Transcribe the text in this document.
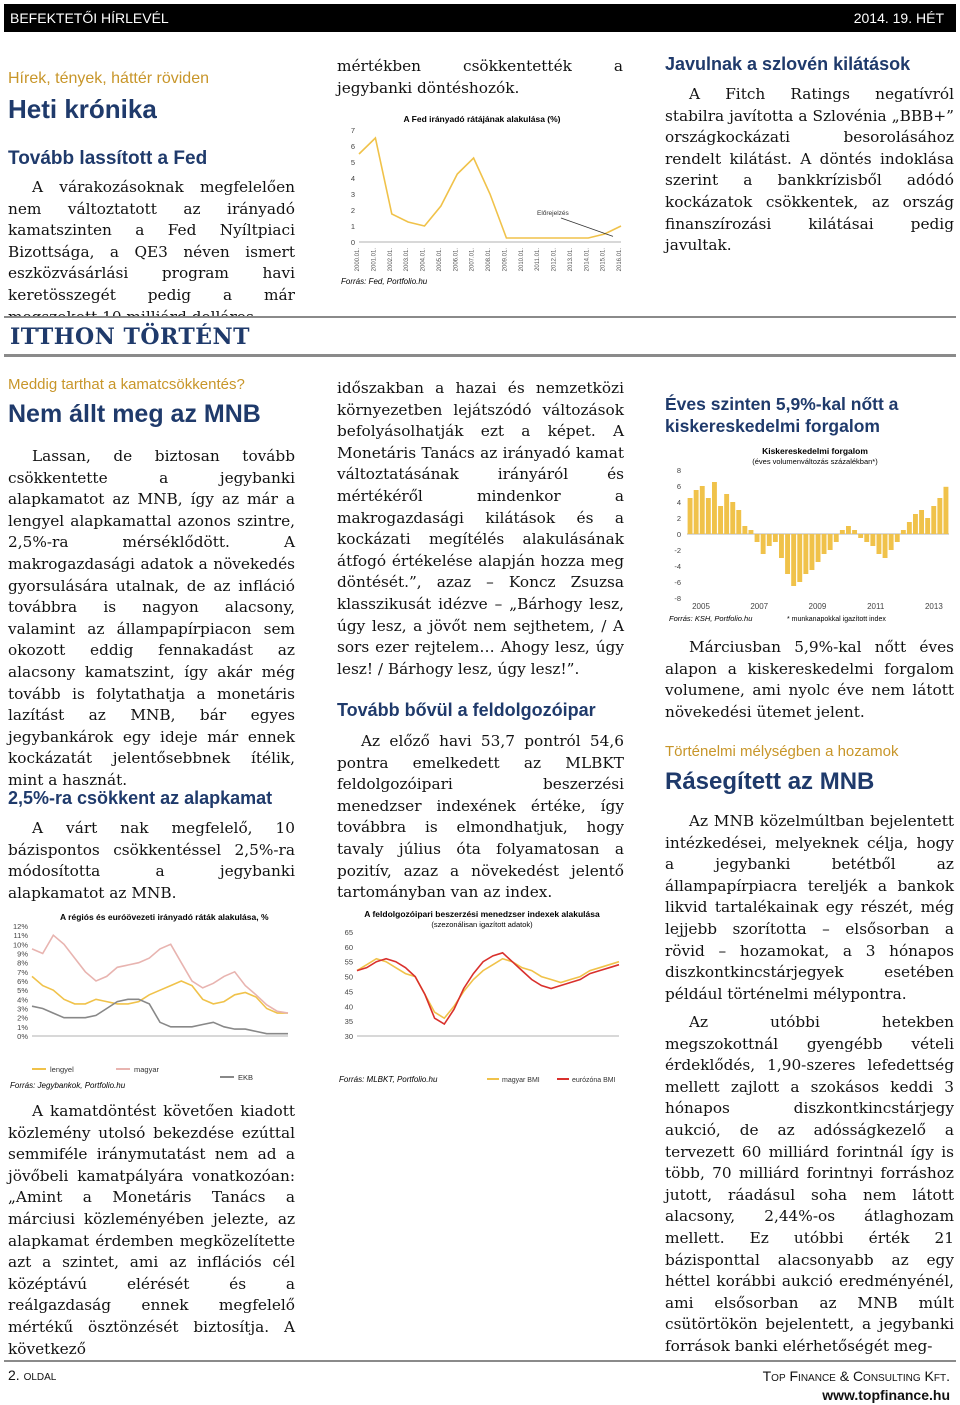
BEFEKTETŐI HÍRLEVÉL	2014. 19. HÉT
Hírek, tények, háttér röviden
Heti krónika
Tovább lassított a Fed

A várakozásoknak megfelelően nem változtatott az irányadó kamatszinten a Fed Nyíltpiaci Bizottsága, a QE3 néven ismert eszközvásárlási program havi keretösszegét pedig a már

mértékben csökkentették a jegybanki döntéshozók.

A Fed irányadó rátájának alakulása (%)
0
1
2
3
4
5
6
7
2000.01. 2001.01. 2002.01. 2003.01. 2004.01. 2005.01. 2006.01. 2007.01. 2008.01. 2009.01. 2010.01. 2011.01. 2012.01. 2013.01. 2014.01. 2015.01. 2016.01.
Előrejelzés
Forrás: Fed, Portfolio.hu
Javulnak a szlovén kilátások

A Fitch Ratings negatívról stabilra javította a Szlovénia „BBB+” országkockázati besorolásához rendelt kilátást. A döntés indoklása szerint a bankkrízisből adódó kockázatok csökkentek, az ország finanszírozási kilátásai pedig javultak.

ITTHON TÖRTÉNT
Meddig tarthat a kamatcsökkentés?
Nem állt meg az MNB

Lassan, de biztosan tovább csökkentette a jegybanki alapkamatot az MNB, így az már a lengyel alapkamattal azonos szintre, 2,5%-ra mérséklődött. A makrogazdasági adatok a növekedés gyorsulására utalnak, de az infláció továbbra is nagyon alacsony, valamint az állampapírpiacon sem okozott eddig fennakadást az alacsony kamatszint, így akár még tovább is folytathatja a monetáris lazítást az MNB, bár egyes jegybankárok egy ideje már ennek kockázatát jelentősebbnek ítélik, mint a hasznát.

2,5%-ra csökkent az alapkamat

A várt nak megfelelő, 10 bázispontos csökkentéssel 2,5%-ra módosította a jegybanki alapkamatot az MNB.

A régiós és euróövezeti irányadó ráták alakulása, %
0%
1%
2%
3%
4%
5%
6%
7%
8%
9%
10%
11%
12%
lengyel	magyar
EKB
Forrás: Jegybankok, Portfolio.hu

A kamatdöntést követően kiadott közlemény utolsó bekezdése ezúttal semmiféle iránymutatást nem ad a jövőbeli kamatpályára vonatkozóan: „Amint a Monetáris Tanács a márciusi közleményében jelezte, az alapkamat érdemben megközelítette azt a szintet, ami az inflációs cél középtávú elérését és a reálgazdaság ennek megfelelő mértékű ösztönzését biztosítja. A következő

időszakban a hazai és nemzetközi környezetben lejátszódó változások befolyásolhatják ezt a képet. A Monetáris Tanács az irányadó kamat változtatásának irányáról és mértékéről mindenkor a makrogazdasági kilátások és a kockázati megítélés alakulásának átfogó értékelése alapján hozza meg döntését.”, azaz – Koncz Zsuzsa klasszikusát idézve – „Bárhogy lesz, úgy lesz, a jövőt nem sejthetem, / A sors ezer rejtelem… Ahogy lesz, úgy lesz! / Bárhogy lesz, úgy lesz!”.

Tovább bővül a feldolgozóipar

Az előző havi 53,7 pontról 54,6 pontra emelkedett az MLBKT feldolgozóipari beszerzési menedzser indexének értéke, így továbbra is elmondhatjuk, hogy tavaly július óta folyamatosan a pozitív, azaz a növekedést jelentő tartományban van az index.

A feldolgozóipari beszerzési menedzser indexek alakulása
(szezonálisan igazított adatok)
30
35
40
45
50
55
60
65
magyar BMI	eurózóna BMI
Forrás: MLBKT, Portfolio.hu
Éves szinten 5,9%-kal nőtt a kiskereskedelmi forgalom
Kiskereskedelmi forgalom
(éves volumenváltozás százalékban*)
8
6
4
2
0
-2
-4
-6
-8
2005	2007	2009	2011	2013
Forrás: KSH, Portfolio.hu	* munkanapokkal igazított index

Márciusban 5,9%-kal nőtt éves alapon a kiskereskedelmi forgalom volumene, ami nyolc éve nem látott növekedési ütemet jelent.

Történelmi mélységben a hozamok
Rásegített az MNB

Az MNB közelmúltban bejelentett intézkedései, melyeknek célja, hogy a jegybanki betétből az állampapírpiacra tereljék a bankok likvid tartalékainak egy részét, még lejjebb szorította – elsősorban a rövid – hozamokat, a 3 hónapos diszkontkincstárjegyek esetében például történelmi mélypontra.

Az utóbbi hetekben megszokottnál gyengébb vételi érdeklődés, 1,90-szeres lefedettség mellett zajlott a szokásos keddi 3 hónapos diszkontkincstárjegy aukció, de az adósságkezelő a tervezett 60 milliárd forintnál így is több, 70 milliárd forintnyi forráshoz jutott, ráadásul soha nem látott alacsony, 2,44%-os átlaghozam mellett. Ez utóbbi érték 21 bázisponttal alacsonyabb az egy héttel korábbi aukció eredményénél, ami elsősorban az MNB múlt csütörtökön bejelentett, a jegybanki források banki elérhetőségét meg-

2. oldal	Top Finance & Consulting Kft.
www.topfinance.hu
